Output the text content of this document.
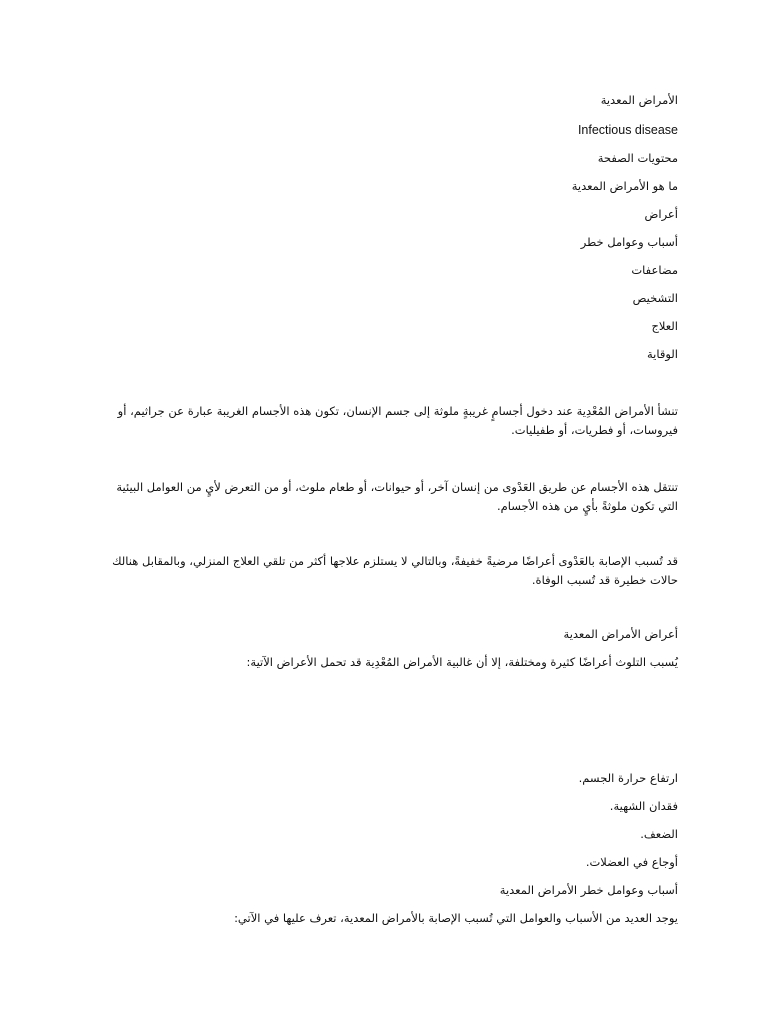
الأمراض المعدية
Infectious disease
محتويات الصفحة
ما هو الأمراض المعدية
أعراض
أسباب وعوامل خطر
مضاعفات
التشخيص
العلاج
الوقاية
تنشأ الأمراض المُعْدِية عند دخول أجسامٍ غريبةٍ ملوثة إلى جسم الإنسان، تكون هذه الأجسام الغريبة عبارة عن جراثيم، أو فيروسات، أو فطريات، أو طفيليات.
تنتقل هذه الأجسام عن طريق العَدْوى من إنسان آخر، أو حيوانات، أو طعام ملوث، أو من التعرض لأيٍ من العوامل البيئية التي تكون ملوثةً بأيٍ من هذه الأجسام.
قد تُسبب الإصابة بالعَدْوى أعراضًا مرضيةً خفيفةً، وبالتالي لا يستلزم علاجها أكثر من تلقي العلاج المنزلي، وبالمقابل هنالك حالات خطيرة قد تُسبب الوفاة.
أعراض الأمراض المعدية
يُسبب التلوث أعراضًا كثيرة ومختلفة، إلا أن غالبية الأمراض المُعْدِية قد تحمل الأعراض الآتية:
ارتفاع حرارة الجسم.
فقدان الشهية.
الضعف.
أوجاع في العضلات.
أسباب وعوامل خطر الأمراض المعدية
يوجد العديد من الأسباب والعوامل التي تُسبب الإصابة بالأمراض المعدية، تعرف عليها في الآتي:
